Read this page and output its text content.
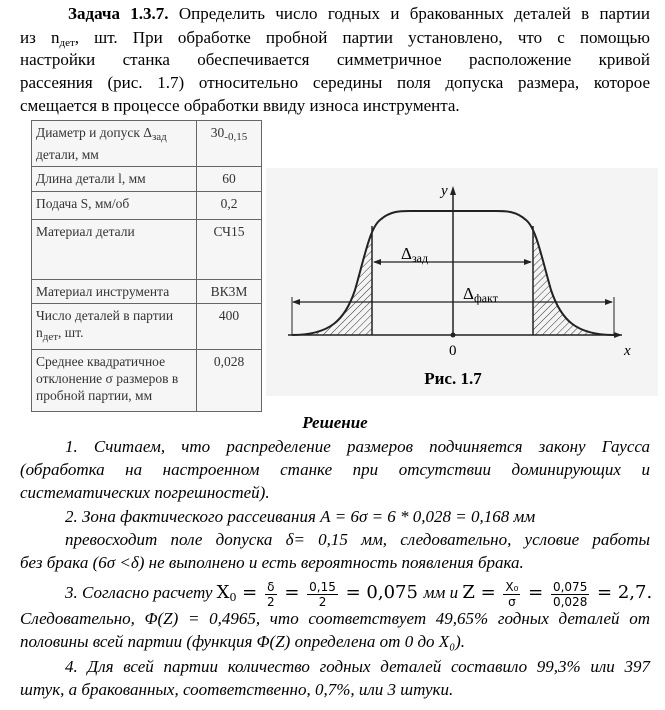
Задача 1.3.7. Определить число годных и бракованных деталей в партии
из $n_{дет}$, шт. При обработке пробной партии установлено, что с помощью
настройки станка обеспечивается симметричное расположение кривой
рассеяния (рис. 1.7) относительно середины поля допуска размера, которое
смещается в процессе обработки ввиду износа инструмента.
Диаметр и допуск $\Delta_{зад}$ детали, мм	$30_{-0,15}$
Длина детали l, мм	60
Подача S, мм/об	0,2
Материал детали	СЧ15
Материал инструмента	ВК3М
Число деталей в партии $n_{дет}$, шт.	400
Среднее квадратичное отклонение σ размеров в пробной партии, мм	0,028
y
x
0
Δзад
Δфакт
Рис. 1.7
Решение
1. Считаем, что распределение размеров подчиняется закону Гаусса
(обработка на настроенном станке при отсутствии доминирующих и
систематических погрешностей).
2. Зона фактического рассеивания А = 6σ = 6 * 0,028 = 0,168 мм
превосходит поле допуска δ= 0,15 мм, следовательно, условие работы
без брака (6σ <δ) не выполнено и есть вероятность появления брака.
3. Согласно расчету $X_0 = \frac{\delta}{2} = \frac{0,15}{2} = 0,075$ мм и $Z = \frac{\text{X₀}}{\sigma} = \frac{0,075}{0,028} = 2,7$.
Следовательно, Φ(Z) = 0,4965, что соответствует 49,65% годных деталей от
половины всей партии (функция Φ(Z) определена от 0 до X₀).
4. Для всей партии количество годных деталей составило 99,3% или 397
штук, а бракованных, соответственно, 0,7%, или 3 штуки.
